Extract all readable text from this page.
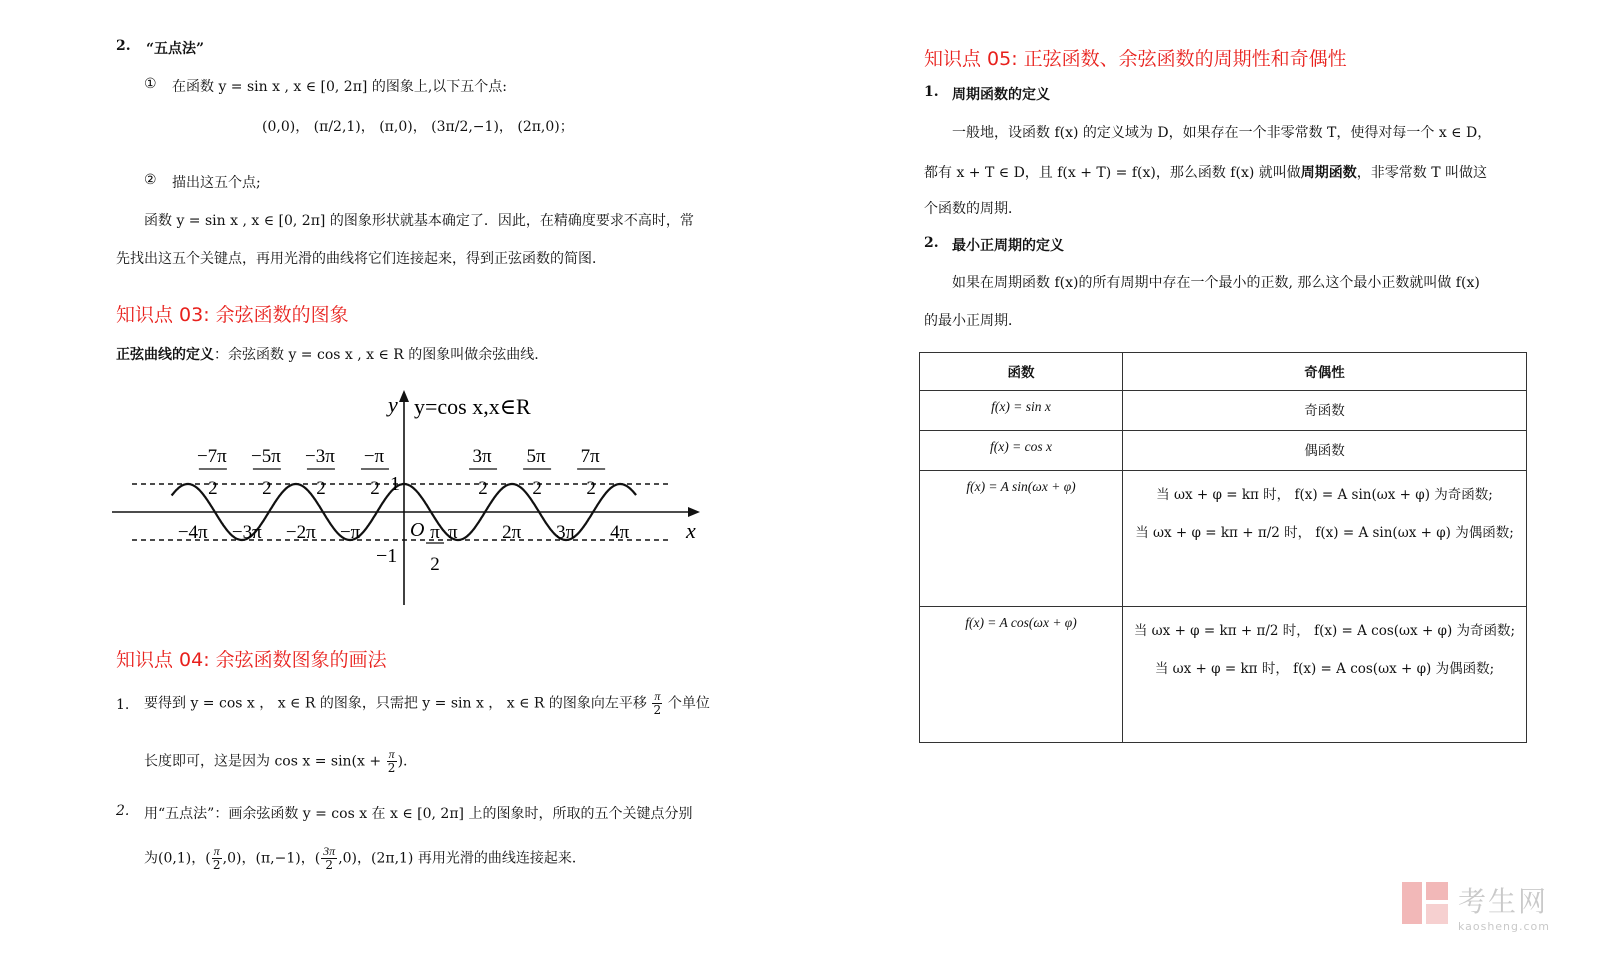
2. “五点法”
① 在函数 y = sin x , x ∈ [0, 2π] 的图象上,以下五个点:
(0,0)， (π/2,1)， (π,0)， (3π/2,−1)， (2π,0)；
② 描出这五个点;
函数 y = sin x , x ∈ [0, 2π] 的图象形状就基本确定了．因此，在精确度要求不高时，常
先找出这五个关键点，再用光滑的曲线将它们连接起来，得到正弦函数的简图．
知识点 03: 余弦函数的图象
正弦曲线的定义：余弦函数 y = cos x , x ∈ R 的图象叫做余弦曲线.
y y=cos x,x∈R
x
1
−1
O
−4π −3π −2π −π	π 2π 3π 4π
−7π
2
−5π
2
−3π
2
−π
2
3π
2
5π
2
7π
2
π
2
知识点 04: 余弦函数图象的画法
1. 要得到 y = cos x ， x ∈ R 的图象，只需把 y = sin x ， x ∈ R 的图象向左平移 $\frac{\pi}{2}$ 个单位
长度即可，这是因为 $\cos x = \sin(x + \frac{\pi}{2}$ ).
2. 用“五点法”：画余弦函数 y = cos x 在 x ∈ [0, 2π] 上的图象时，所取的五个关键点分别
为(0,1)，( $\frac{\pi}{2} ,0$)，(π,−1)，( $\frac{3\pi}{2} ,0$)，(2π,1) 再用光滑的曲线连接起来．
知识点 05: 正弦函数、余弦函数的周期性和奇偶性
1. 周期函数的定义
一般地，设函数 f(x) 的定义域为 D，如果存在一个非零常数 T，使得对每一个 x ∈ D，
都有 x + T ∈ D，且 f(x + T) = f(x)，那么函数 f(x) 就叫做周期函数，非零常数 T 叫做这
个函数的周期．
2. 最小正周期的定义
如果在周期函数 f(x)的所有周期中存在一个最小的正数, 那么这个最小正数就叫做 f(x)
的最小正周期．
函数	奇偶性
f(x) = sin x	奇函数
f(x) = cos x	偶函数
f(x) = A sin(ωx + φ)	当 ωx + φ = kπ 时， f(x) = A sin(ωx + φ) 为奇函数;
当 ωx + φ = kπ + π/2 时， f(x) = A sin(ωx + φ) 为偶函数;

f(x) = A cos(ωx + φ)	当 ωx + φ = kπ + π/2 时， f(x) = A cos(ωx + φ) 为奇函数;
当 ωx + φ = kπ 时， f(x) = A cos(ωx + φ) 为偶函数;
考生网
kaosheng.com
